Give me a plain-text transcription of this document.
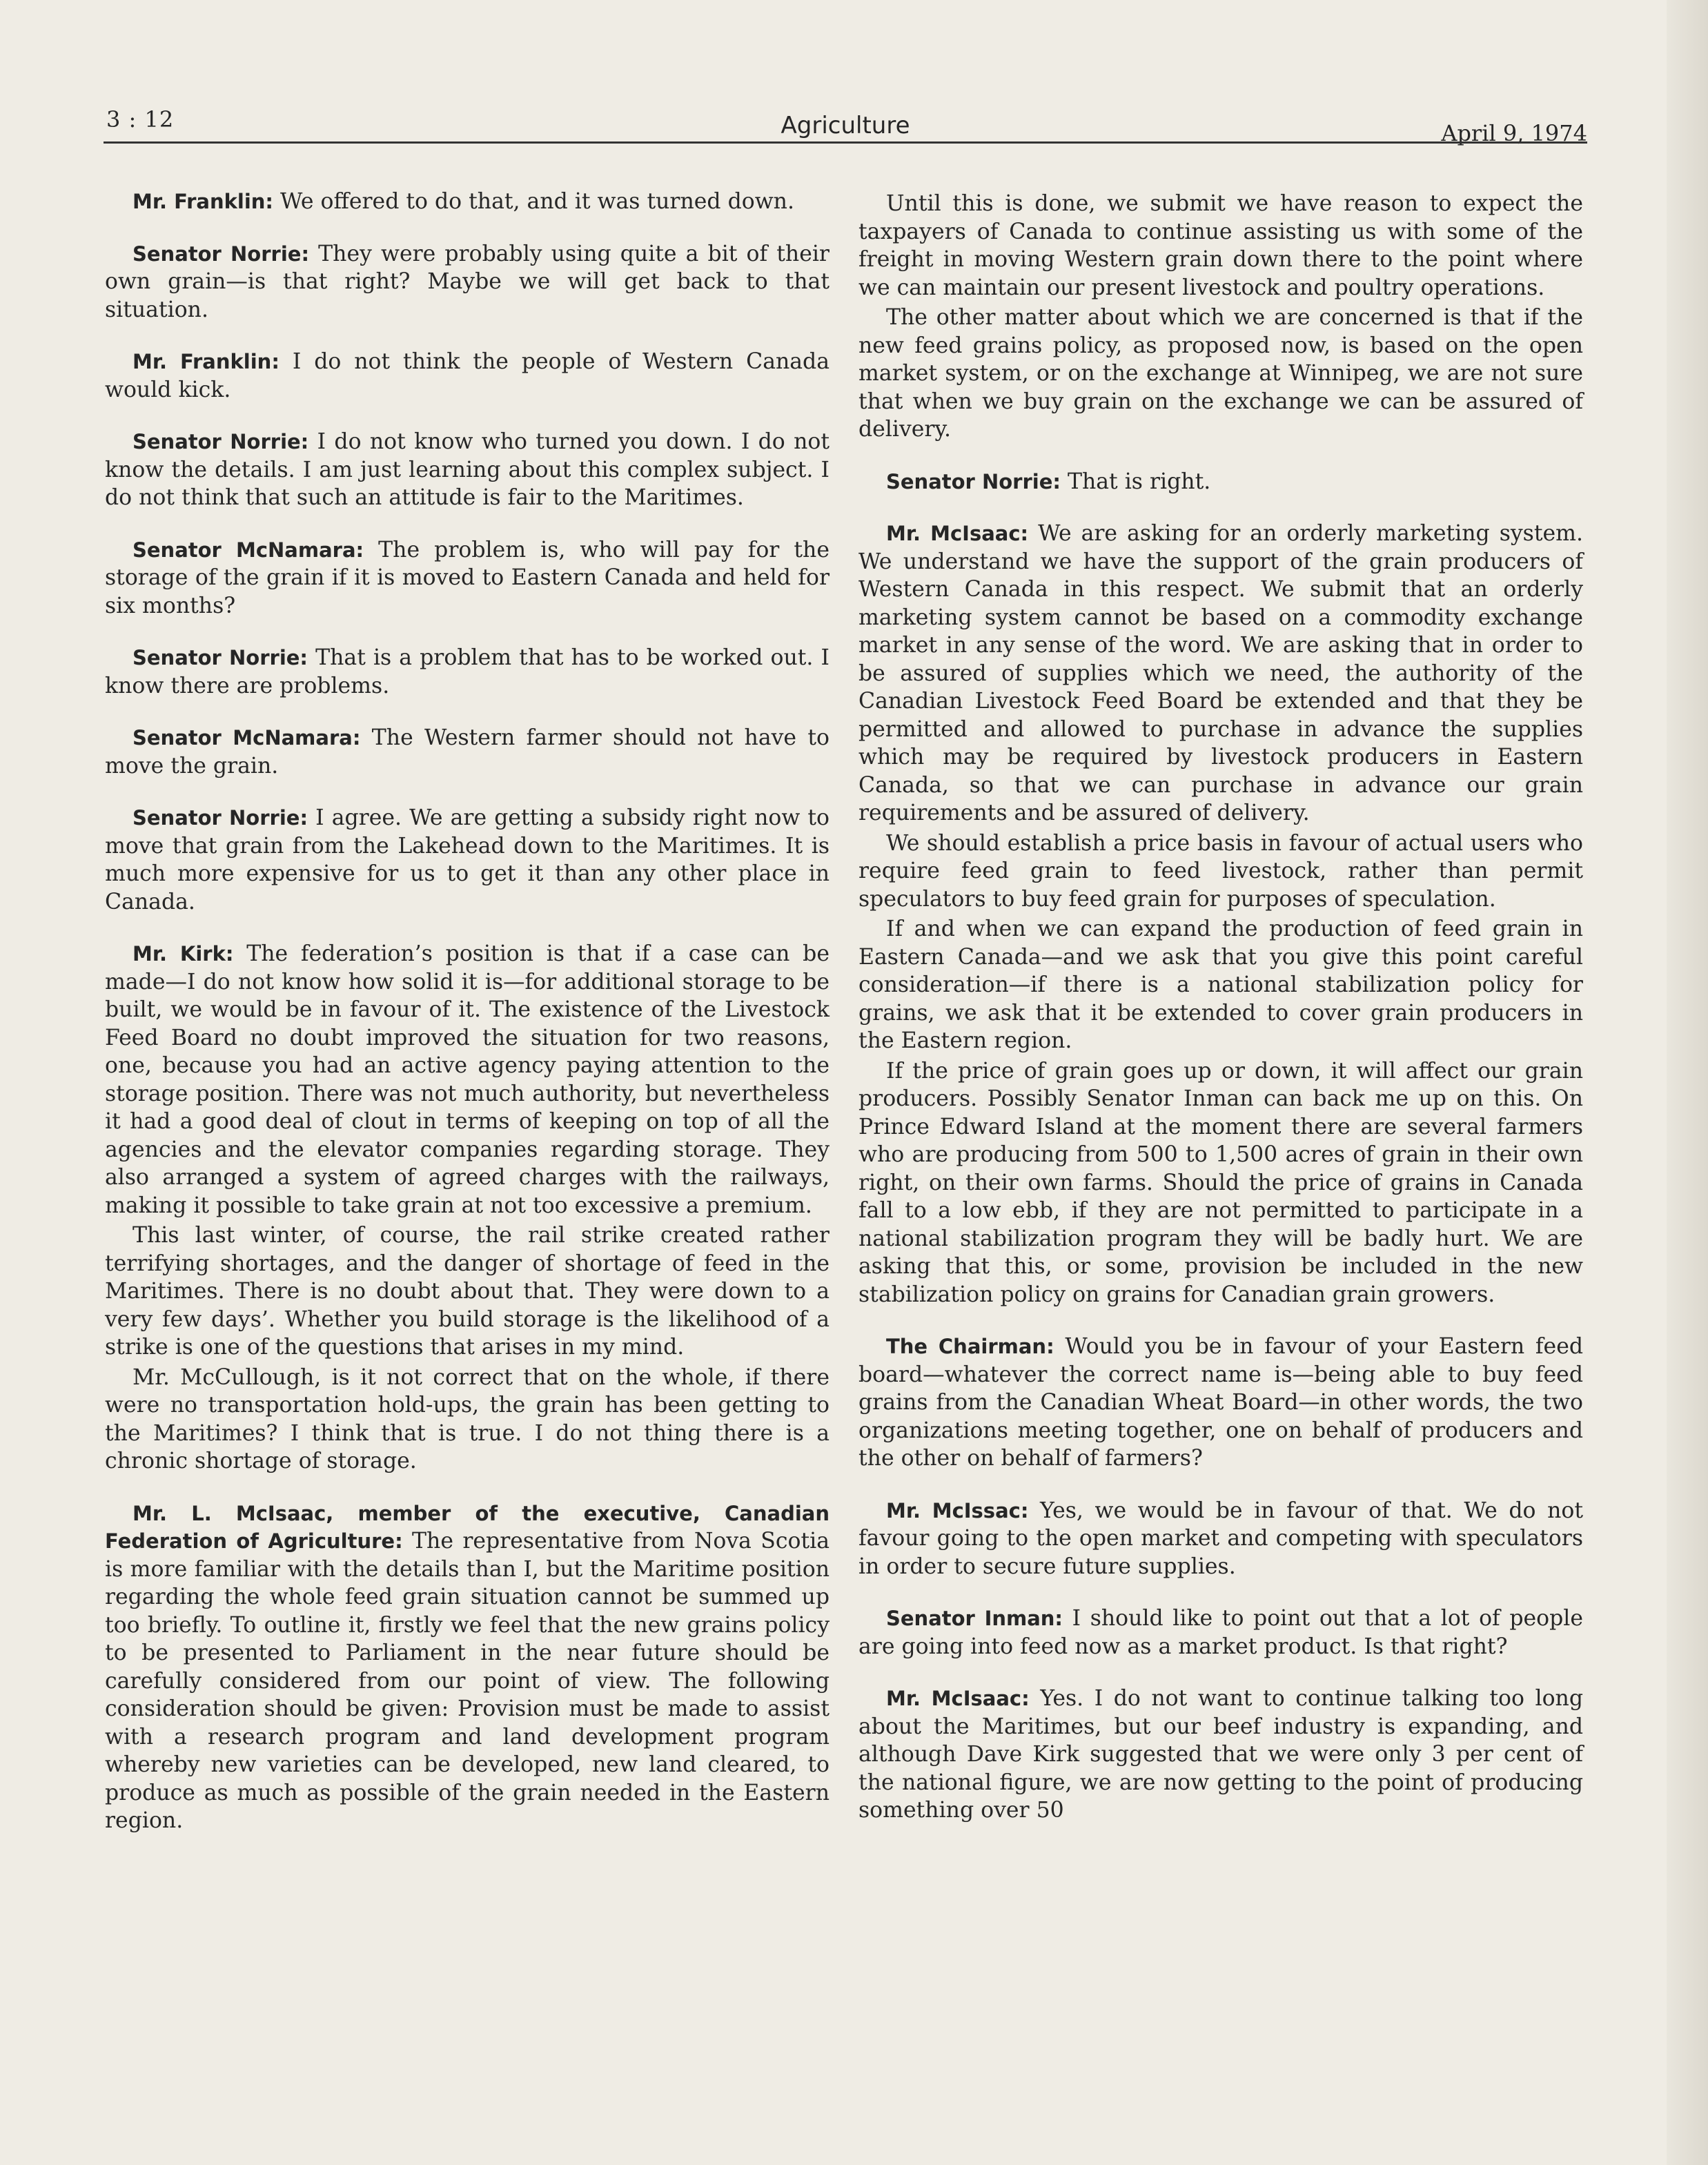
3 : 12	Agriculture	April 9, 1974

Mr. Franklin: We offered to do that, and it was turned down.

Senator Norrie: They were probably using quite a bit of their own grain—is that right? Maybe we will get back to that situation.

Mr. Franklin: I do not think the people of Western Canada would kick.

Senator Norrie: I do not know who turned you down. I do not know the details. I am just learning about this complex subject. I do not think that such an attitude is fair to the Maritimes.

Senator McNamara: The problem is, who will pay for the storage of the grain if it is moved to Eastern Canada and held for six months?

Senator Norrie: That is a problem that has to be worked out. I know there are problems.

Senator McNamara: The Western farmer should not have to move the grain.

Senator Norrie: I agree. We are getting a subsidy right now to move that grain from the Lakehead down to the Maritimes. It is much more expensive for us to get it than any other place in Canada.

Mr. Kirk: The federation’s position is that if a case can be made—I do not know how solid it is—for additional storage to be built, we would be in favour of it. The existence of the Livestock Feed Board no doubt improved the situation for two reasons, one, because you had an active agency paying attention to the storage position. There was not much authority, but nevertheless it had a good deal of clout in terms of keeping on top of all the agencies and the elevator companies regarding storage. They also arranged a system of agreed charges with the railways, making it possible to take grain at not too excessive a premium.

This last winter, of course, the rail strike created rather terrifying shortages, and the danger of shortage of feed in the Maritimes. There is no doubt about that. They were down to a very few days’. Whether you build storage is the likelihood of a strike is one of the questions that arises in my mind.

Mr. McCullough, is it not correct that on the whole, if there were no transportation hold-ups, the grain has been getting to the Maritimes? I think that is true. I do not thing there is a chronic shortage of storage.

Mr. L. McIsaac, member of the executive, Canadian Federation of Agriculture: The representative from Nova Scotia is more familiar with the details than I, but the Maritime position regarding the whole feed grain situation cannot be summed up too briefly. To outline it, firstly we feel that the new grains policy to be presented to Parliament in the near future should be carefully considered from our point of view. The following consideration should be given: Provision must be made to assist with a research program and land development program whereby new varieties can be developed, new land cleared, to produce as much as possible of the grain needed in the Eastern region.

Until this is done, we submit we have reason to expect the taxpayers of Canada to continue assisting us with some of the freight in moving Western grain down there to the point where we can maintain our present livestock and poultry operations.

The other matter about which we are concerned is that if the new feed grains policy, as proposed now, is based on the open market system, or on the exchange at Winnipeg, we are not sure that when we buy grain on the exchange we can be assured of delivery.

Senator Norrie: That is right.

Mr. McIsaac: We are asking for an orderly marketing system. We understand we have the support of the grain producers of Western Canada in this respect. We submit that an orderly marketing system cannot be based on a commodity exchange market in any sense of the word. We are asking that in order to be assured of supplies which we need, the authority of the Canadian Livestock Feed Board be extended and that they be permitted and allowed to purchase in advance the supplies which may be required by livestock producers in Eastern Canada, so that we can purchase in advance our grain requirements and be assured of delivery.

We should establish a price basis in favour of actual users who require feed grain to feed livestock, rather than permit speculators to buy feed grain for purposes of speculation.

If and when we can expand the production of feed grain in Eastern Canada—and we ask that you give this point careful consideration—if there is a national stabilization policy for grains, we ask that it be extended to cover grain producers in the Eastern region.

If the price of grain goes up or down, it will affect our grain producers. Possibly Senator Inman can back me up on this. On Prince Edward Island at the moment there are several farmers who are producing from 500 to 1,500 acres of grain in their own right, on their own farms. Should the price of grains in Canada fall to a low ebb, if they are not permitted to participate in a national stabilization program they will be badly hurt. We are asking that this, or some, provision be included in the new stabilization policy on grains for Canadian grain growers.

The Chairman: Would you be in favour of your Eastern feed board—whatever the correct name is—being able to buy feed grains from the Canadian Wheat Board—in other words, the two organizations meeting together, one on behalf of producers and the other on behalf of farmers?

Mr. McIssac: Yes, we would be in favour of that. We do not favour going to the open market and competing with speculators in order to secure future supplies.

Senator Inman: I should like to point out that a lot of people are going into feed now as a market product. Is that right?

Mr. McIsaac: Yes. I do not want to continue talking too long about the Maritimes, but our beef industry is expanding, and although Dave Kirk suggested that we were only 3 per cent of the national figure, we are now getting to the point of producing something over 50
